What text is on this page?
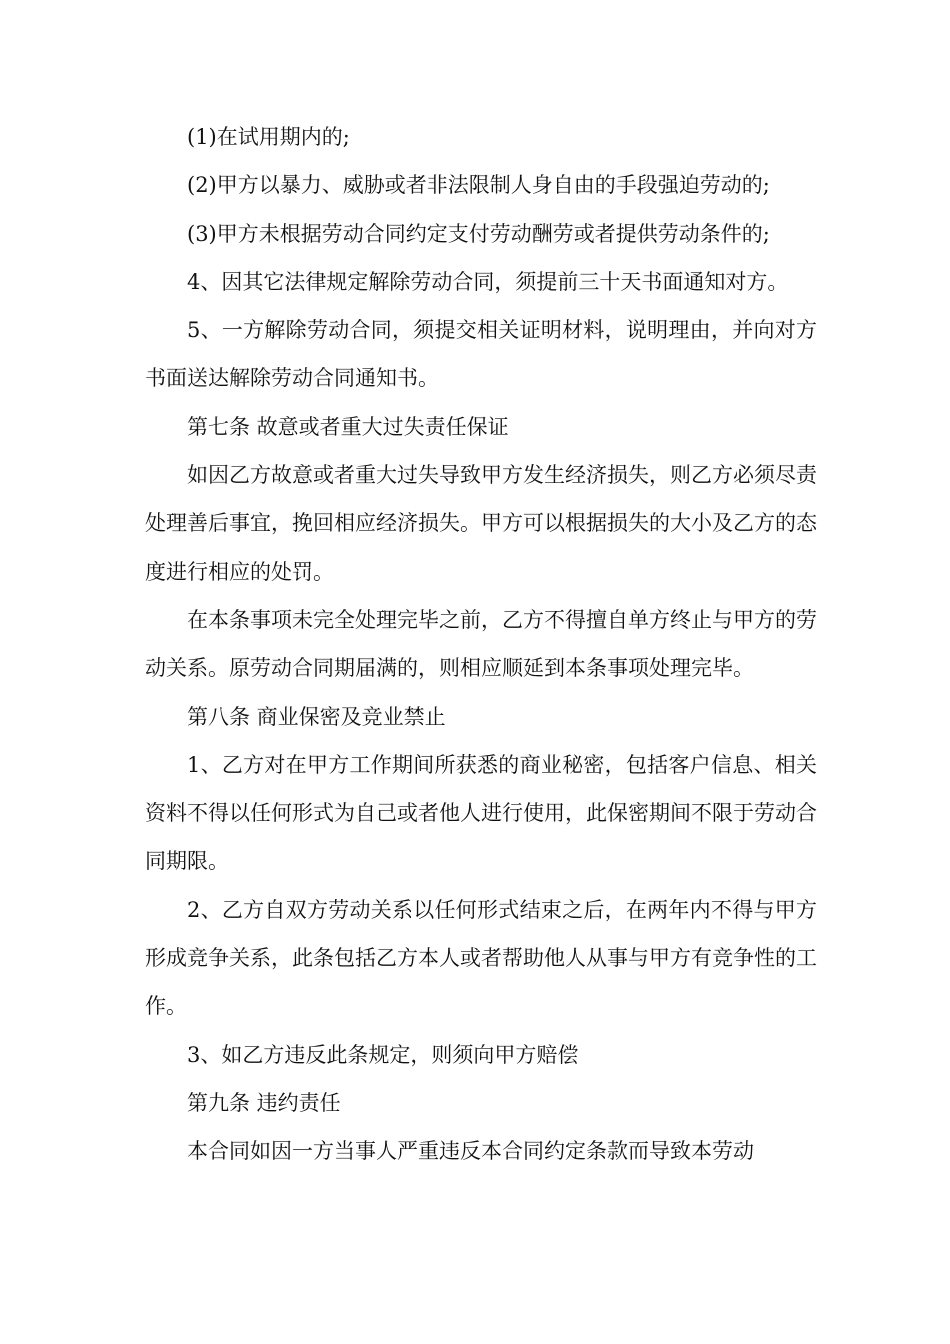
(1)在试用期内的;

(2)甲方以暴力、威胁或者非法限制人身自由的手段强迫劳动的;

(3)甲方未根据劳动合同约定支付劳动酬劳或者提供劳动条件的;

4、因其它法律规定解除劳动合同，须提前三十天书面通知对方。

5、一方解除劳动合同，须提交相关证明材料，说明理由，并向对方书面送达解除劳动合同通知书。

第七条 故意或者重大过失责任保证

如因乙方故意或者重大过失导致甲方发生经济损失，则乙方必须尽责处理善后事宜，挽回相应经济损失。甲方可以根据损失的大小及乙方的态度进行相应的处罚。

在本条事项未完全处理完毕之前，乙方不得擅自单方终止与甲方的劳动关系。原劳动合同期届满的，则相应顺延到本条事项处理完毕。

第八条 商业保密及竞业禁止

1、乙方对在甲方工作期间所获悉的商业秘密，包括客户信息、相关资料不得以任何形式为自己或者他人进行使用，此保密期间不限于劳动合同期限。

2、乙方自双方劳动关系以任何形式结束之后，在两年内不得与甲方形成竞争关系，此条包括乙方本人或者帮助他人从事与甲方有竞争性的工作。

3、如乙方违反此条规定，则须向甲方赔偿

第九条 违约责任

本合同如因一方当事人严重违反本合同约定条款而导致本劳动
